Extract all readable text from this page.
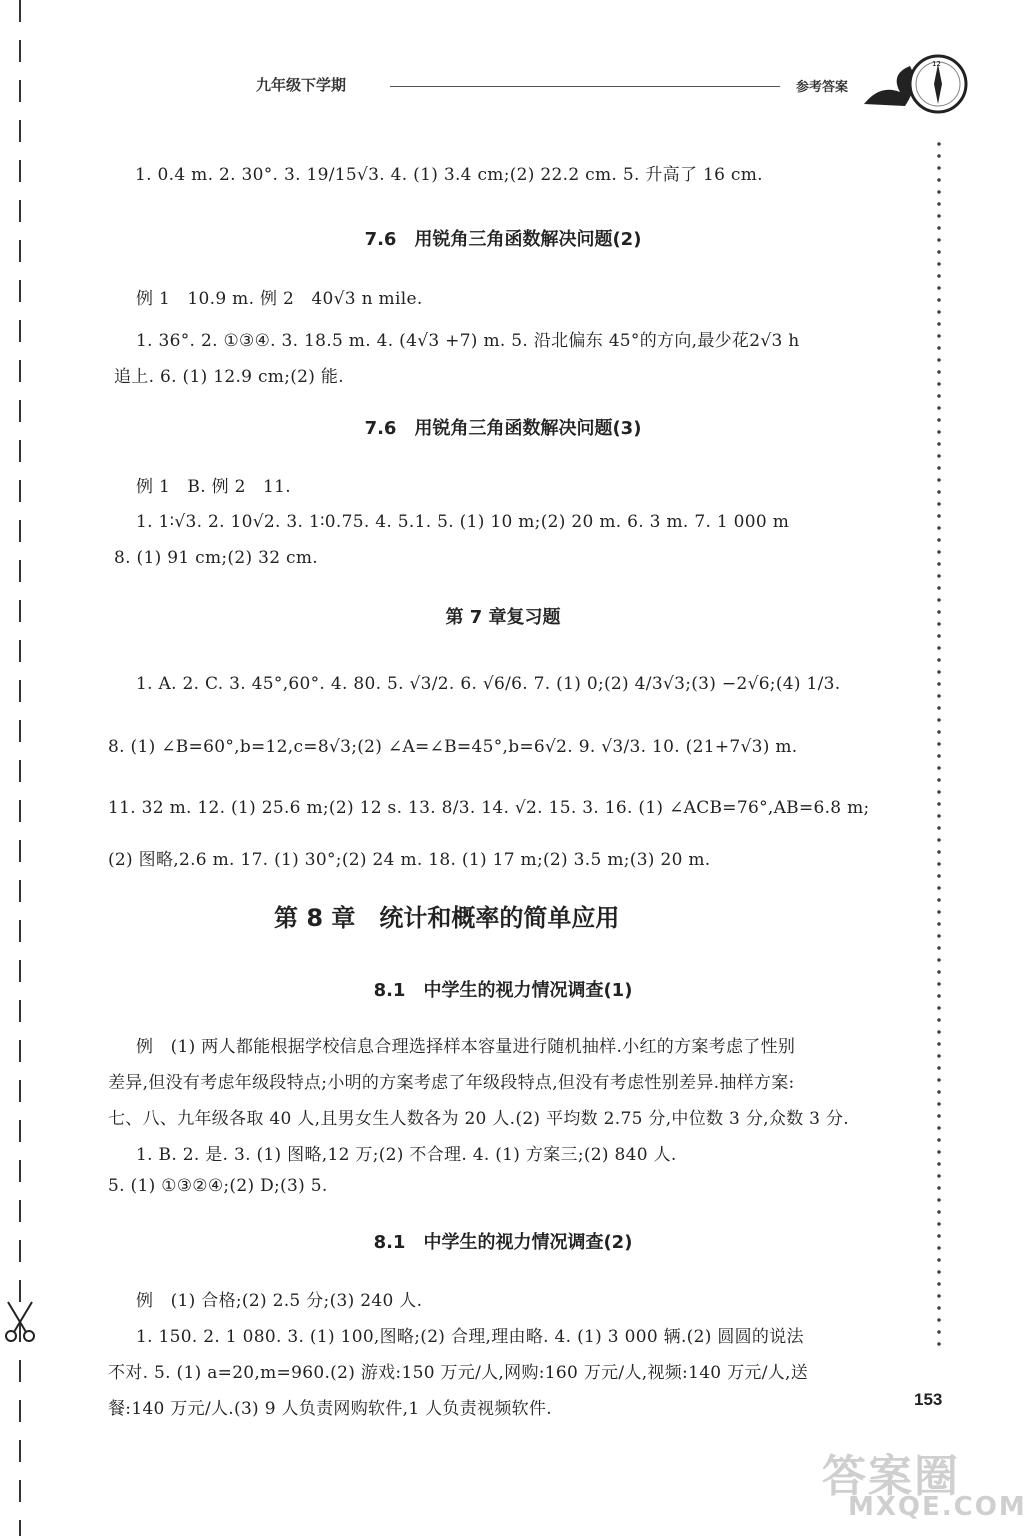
九年级下学期	参考答案
12
1. 0.4 m. 2. 30°. 3. 19/15√3. 4. (1) 3.4 cm;(2) 22.2 cm. 5. 升高了 16 cm.
7.6　用锐角三角函数解决问题(2)
例 1　10.9 m. 例 2　40√3 n mile.
1. 36°. 2. ①③④. 3. 18.5 m. 4. (4√3 +7) m. 5. 沿北偏东 45°的方向,最少花2√3 h
追上. 6. (1) 12.9 cm;(2) 能.
7.6　用锐角三角函数解决问题(3)
例 1　B. 例 2　11.
1. 1∶√3. 2. 10√2. 3. 1∶0.75. 4. 5.1. 5. (1) 10 m;(2) 20 m. 6. 3 m. 7. 1 000 m
8. (1) 91 cm;(2) 32 cm.
第 7 章复习题
1. A. 2. C. 3. 45°,60°. 4. 80. 5. √3/2. 6. √6/6. 7. (1) 0;(2) 4/3√3;(3) −2√6;(4) 1/3.
8. (1) ∠B=60°,b=12,c=8√3;(2) ∠A=∠B=45°,b=6√2. 9. √3/3. 10. (21+7√3) m.
11. 32 m. 12. (1) 25.6 m;(2) 12 s. 13. 8/3. 14. √2. 15. 3. 16. (1) ∠ACB=76°,AB=6.8 m;
(2) 图略,2.6 m. 17. (1) 30°;(2) 24 m. 18. (1) 17 m;(2) 3.5 m;(3) 20 m.
第 8 章　统计和概率的简单应用
8.1　中学生的视力情况调查(1)
例　(1) 两人都能根据学校信息合理选择样本容量进行随机抽样.小红的方案考虑了性别
差异,但没有考虑年级段特点;小明的方案考虑了年级段特点,但没有考虑性别差异.抽样方案:
七、八、九年级各取 40 人,且男女生人数各为 20 人.(2) 平均数 2.75 分,中位数 3 分,众数 3 分.
1. B. 2. 是. 3. (1) 图略,12 万;(2) 不合理. 4. (1) 方案三;(2) 840 人.
5. (1) ①③②④;(2) D;(3) 5.
8.1　中学生的视力情况调查(2)
例　(1) 合格;(2) 2.5 分;(3) 240 人.
1. 150. 2. 1 080. 3. (1) 100,图略;(2) 合理,理由略. 4. (1) 3 000 辆.(2) 圆圆的说法
不对. 5. (1) a=20,m=960.(2) 游戏:150 万元/人,网购:160 万元/人,视频:140 万元/人,送
餐:140 万元/人.(3) 9 人负责网购软件,1 人负责视频软件.	153
答案圈
MXQE.COM
